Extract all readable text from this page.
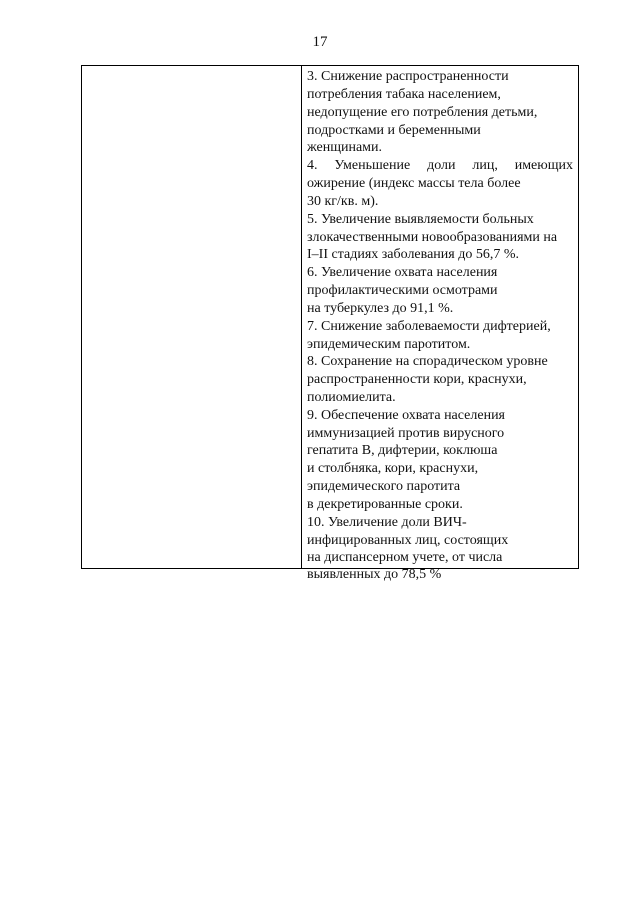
17
3. Снижение распространенности
потребления табака населением,
недопущение его потребления детьми,
подростками и беременными
женщинами.
4. Уменьшение доли лиц, имеющих
ожирение (индекс массы тела более
30 кг/кв. м).
5. Увеличение выявляемости больных
злокачественными новообразованиями на
I–II стадиях заболевания до 56,7 %.
6. Увеличение охвата населения
профилактическими осмотрами
на туберкулез до 91,1 %.
7. Снижение заболеваемости дифтерией,
эпидемическим паротитом.
8. Сохранение на спорадическом уровне
распространенности кори, краснухи,
полиомиелита.
9. Обеспечение охвата населения
иммунизацией против вирусного
гепатита В, дифтерии, коклюша
и столбняка, кори, краснухи,
эпидемического паротита
в декретированные сроки.
10. Увеличение доли ВИЧ-
инфицированных лиц, состоящих
на диспансерном учете, от числа
выявленных до 78,5 %
